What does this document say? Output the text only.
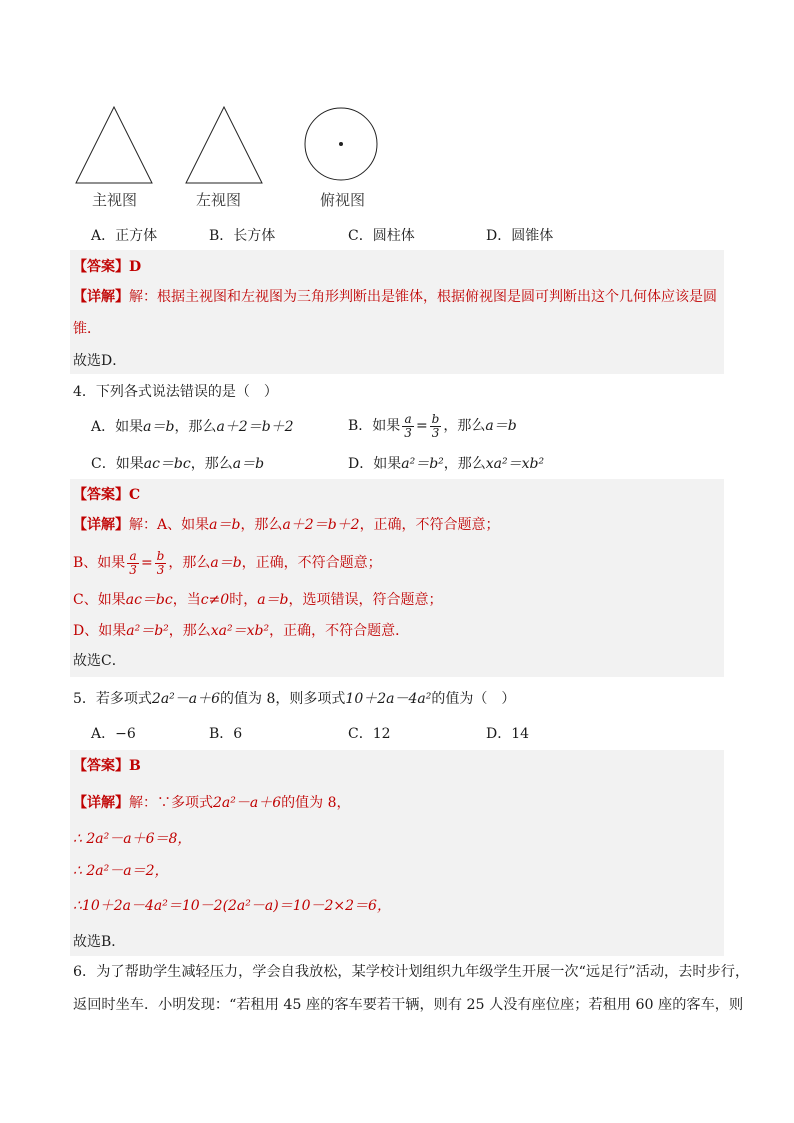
主视图	左视图	俯视图
A．正方体	B．长方体	C．圆柱体	D．圆锥体
【答案】D
【详解】解：根据主视图和左视图为三角形判断出是锥体，根据俯视图是圆可判断出这个几何体应该是圆
锥．
故选D．
4．下列各式说法错误的是（　）
A．如果a＝b，那么a＋2＝b＋2	B．如果 $\frac{a}{3} = \frac{b}{3}$ ，那么a＝b
C．如果ac＝bc，那么a＝b	D．如果a²＝b²，那么xa²＝xb²
【答案】C
【详解】解：A、如果a＝b，那么a＋2＝b＋2，正确，不符合题意；
B、如果 $\frac{a}{3} = \frac{b}{3}$ ，那么a＝b，正确，不符合题意；
C、如果ac＝bc，当c≠0时，a＝b，选项错误，符合题意；
D、如果a²＝b²，那么xa²＝xb²，正确，不符合题意．
故选C．
5．若多项式2a²－a＋6的值为 8，则多项式10＋2a－4a²的值为（　）
A．−6	B．6	C．12	D．14
【答案】B
【详解】解：∵多项式2a²－a＋6的值为 8，
∴ 2a²－a＋6＝8，
∴ 2a²－a＝2，
∴10＋2a－4a²＝10－2(2a²－a)＝10－2×2＝6，
故选B．
6．为了帮助学生减轻压力，学会自我放松，某学校计划组织九年级学生开展一次“远足行”活动，去时步行，
返回时坐车．小明发现：“若租用 45 座的客车要若干辆，则有 25 人没有座位座；若租用 60 座的客车，则
